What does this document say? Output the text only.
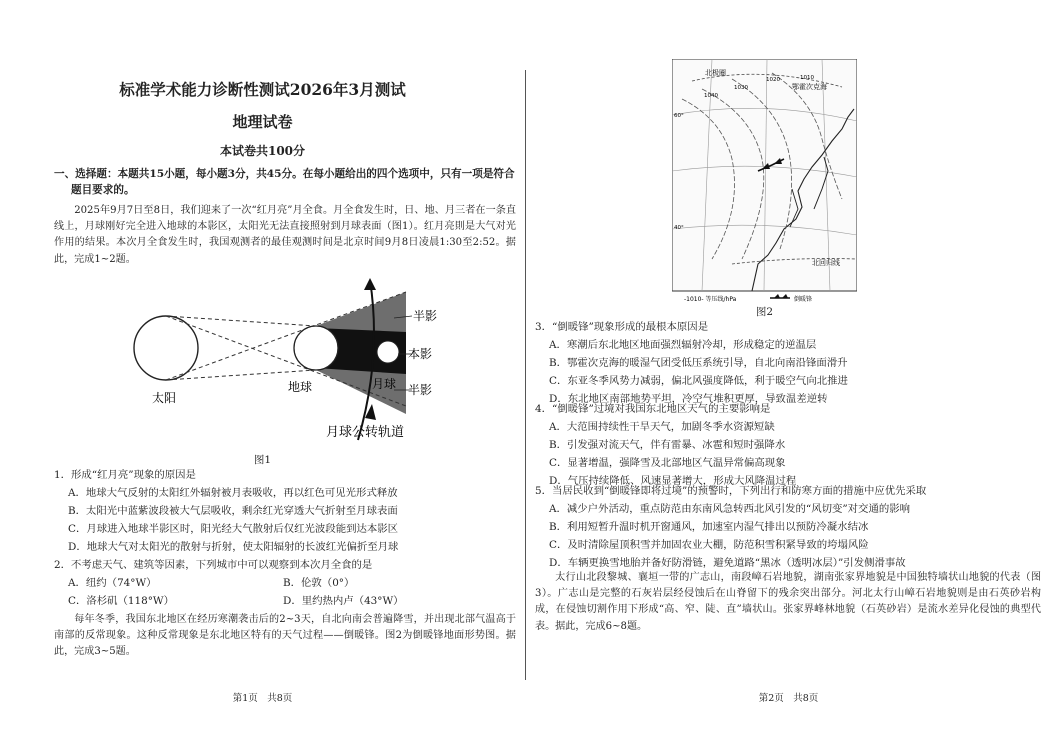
标准学术能力诊断性测试2026年3月测试
地理试卷
本试卷共100分
一、选择题：本题共15小题，每小题3分，共45分。在每小题给出的四个选项中，只有一项是符合
题目要求的。
2025年9月7日至8日，我们迎来了一次“红月亮”月全食。月全食发生时，日、地、月三者在一条直线上，月球刚好完全进入地球的本影区，太阳光无法直接照射到月球表面（图1）。红月亮則是大气对光作用的结果。本次月全食发生时，我国观测者的最佳观测时间是北京时间9月8日凌晨1:30至2:52。据此，完成1~2题。
半影
本影
半影
太阳
地球	月球
月球公转轨道
图1
1．形成“红月亮”现象的原因是
A．地球大气反射的太阳红外辐射被月表吸收，再以红色可见光形式释放
B．太阳光中蓝紫波段被大气层吸收，剩余红光穿透大气折射至月球表面
C．月球进入地球半影区时，阳光经大气散射后仅红光波段能到达本影区
D．地球大气对太阳光的散射与折射，使太阳辐射的长波红光偏折至月球
2．不考虑天气、建筑等因素，下列城市中可以观察到本次月全食的是
A．纽约（74°W）	B．伦敦（0°）
C．洛杉矶（118°W）	D．里约热内卢（43°W）
每年冬季，我国东北地区在经历寒潮袭击后的2~3天，自北向南会普遍降雪，并出现北部气温高于南部的反常现象。这种反常现象是东北地区特有的天气过程——倒暖锋。图2为倒暖锋地面形势图。据此，完成3~5题。
第1页　共8页
北极圈
鄂霍次克海
北回归线
1040
1030
1020	1010
60°
40°
-1010- 等压线/hPa	倒暖锋
图2
3．“倒暖锋”现象形成的最根本原因是
A．寒潮后东北地区地面强烈辐射冷却，形成稳定的逆温层
B．鄂霍次克海的暖湿气团受低压系统引导，自北向南沿锋面滑升
C．东亚冬季风势力减弱，偏北风强度降低，利于暖空气向北推进
D．东北地区南部地势平坦，冷空气堆积更厚，导致温差逆转
4．“倒暖锋”过境对我国东北地区天气的主要影响是
A．大范围持续性干旱天气，加剧冬季水资源短缺
B．引发强对流天气，伴有雷暴、冰雹和短时强降水
C．显著增温，强降雪及北部地区气温异常偏高现象
D．气压持续降低、风速显著增大，形成大风降温过程
5．当居民收到“倒暖锋即将过境”的预警时，下列出行和防寒方面的措施中应优先采取
A．减少户外活动，重点防范由东南风急转西北风引发的“风切变”对交通的影响
B．利用短暂升温时机开窗通风，加速室内湿气排出以预防冷凝水结冰
C．及时清除屋顶积雪并加固农业大棚，防范积雪积紧导致的垮塌风险
D．车辆更换雪地胎并备好防滑链，避免道路“黑冰（透明冰层）”引发侧滑事故
太行山北段黎城、襄垣一带的广志山，南段嶂石岩地貌，湖南张家界地貌是中国独特墙状山地貌的代表（图3）。广志山是完整的石灰岩层经侵蚀后在山脊留下的残余突出部分。河北太行山嶂石岩地貌则是由石英砂岩构成，在侵蚀切割作用下形成“高、窄、陡、直”墙状山。张家界峰林地貌（石英砂岩）是流水差异化侵蚀的典型代表。据此，完成6~8题。
第2页　共8页
